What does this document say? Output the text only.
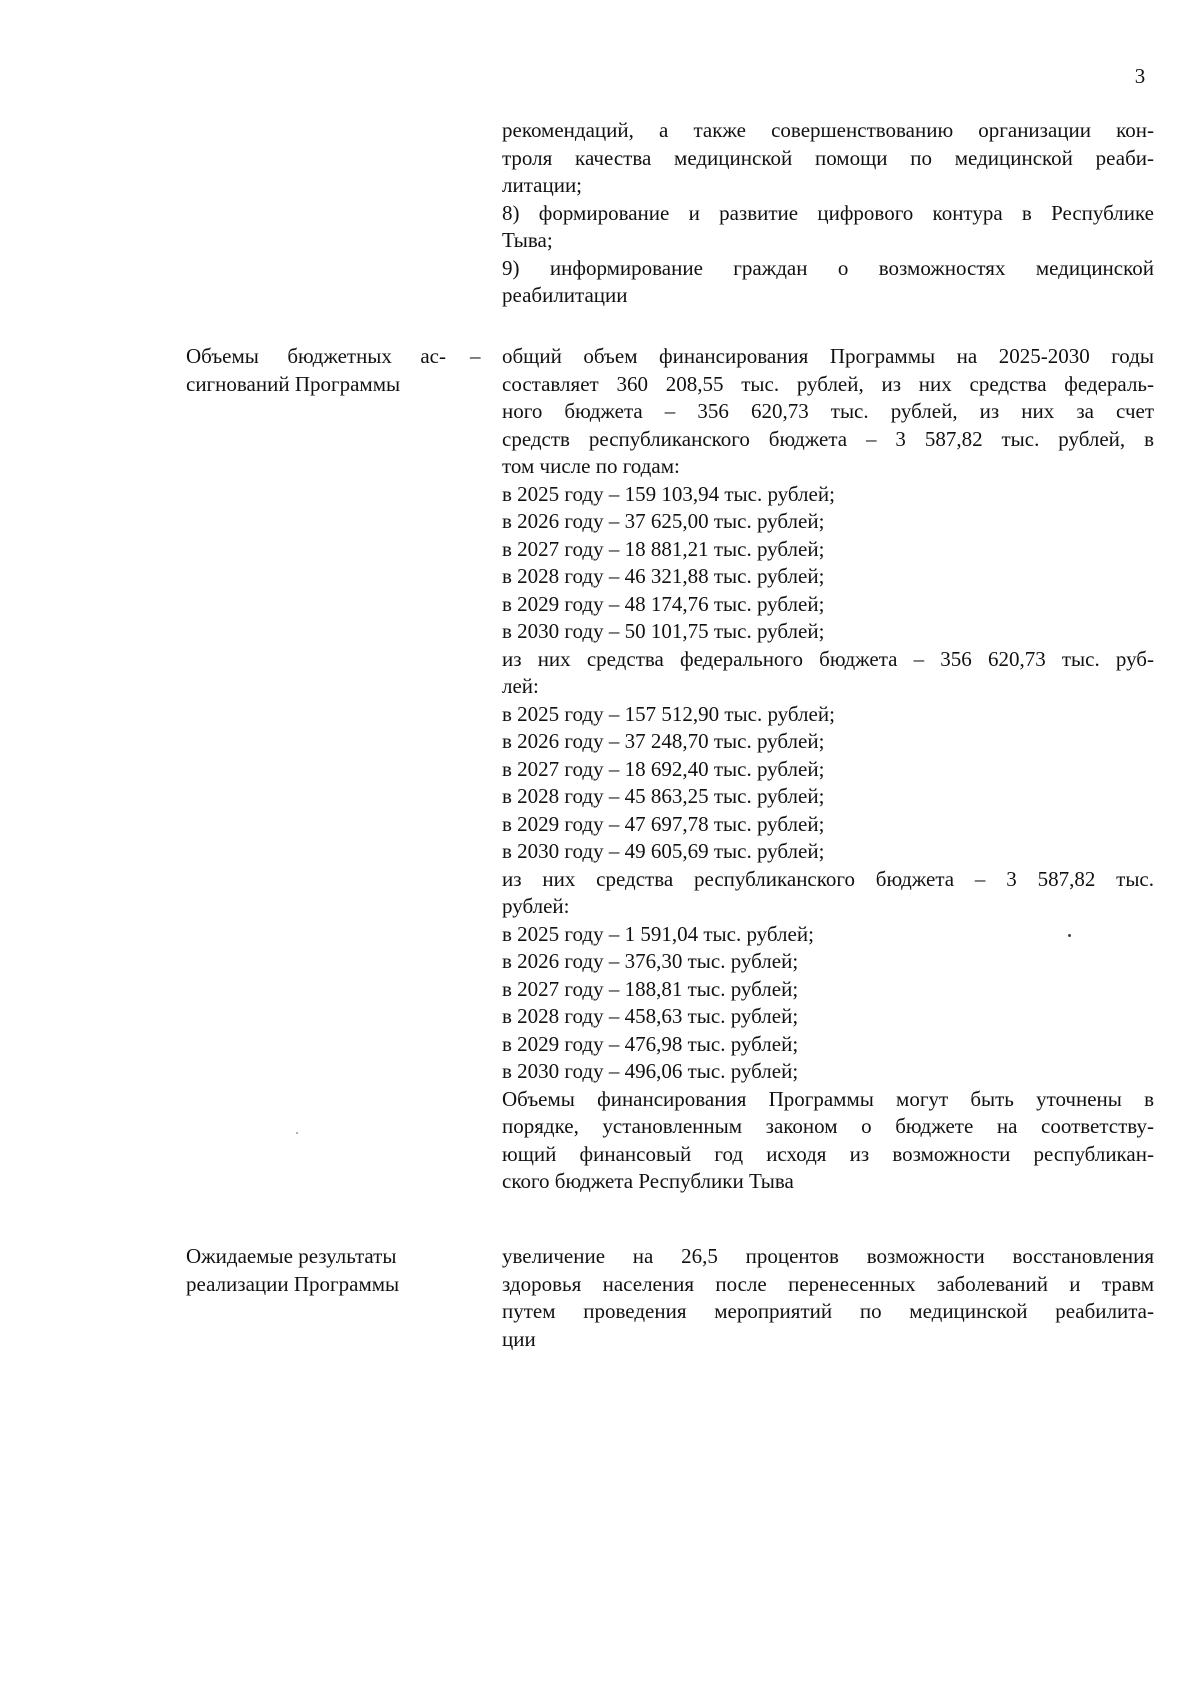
3
рекомендаций, а также совершенствованию организации кон-
троля качества медицинской помощи по медицинской реаби-
литации;
8) формирование и развитие цифрового контура в Республике
Тыва;
9) информирование граждан о возможностях медицинской
реабилитации
Объемы бюджетных ас-
сигнований Программы
– общий объем финансирования Программы на 2025-2030 годы
составляет 360 208,55 тыс. рублей, из них средства федераль-
ного бюджета – 356 620,73 тыс. рублей, из них за счет
средств республиканского бюджета – 3 587,82 тыс. рублей, в
том числе по годам:
в 2025 году – 159 103,94 тыс. рублей;
в 2026 году – 37 625,00 тыс. рублей;
в 2027 году – 18 881,21 тыс. рублей;
в 2028 году – 46 321,88 тыс. рублей;
в 2029 году – 48 174,76 тыс. рублей;
в 2030 году – 50 101,75 тыс. рублей;
из них средства федерального бюджета – 356 620,73 тыс. руб-
лей:
в 2025 году – 157 512,90 тыс. рублей;
в 2026 году – 37 248,70 тыс. рублей;
в 2027 году – 18 692,40 тыс. рублей;
в 2028 году – 45 863,25 тыс. рублей;
в 2029 году – 47 697,78 тыс. рублей;
в 2030 году – 49 605,69 тыс. рублей;
из них средства республиканского бюджета – 3 587,82 тыс.
рублей:
в 2025 году – 1 591,04 тыс. рублей;
в 2026 году – 376,30 тыс. рублей;
в 2027 году – 188,81 тыс. рублей;
в 2028 году – 458,63 тыс. рублей;
в 2029 году – 476,98 тыс. рублей;
в 2030 году – 496,06 тыс. рублей;
Объемы финансирования Программы могут быть уточнены в
порядке, установленным законом о бюджете на соответству-
ющий финансовый год исходя из возможности республикан-
ского бюджета Республики Тыва
Ожидаемые результаты
реализации Программы
увеличение на 26,5 процентов возможности восстановления
здоровья населения после перенесенных заболеваний и травм
путем проведения мероприятий по медицинской реабилита-
ции
